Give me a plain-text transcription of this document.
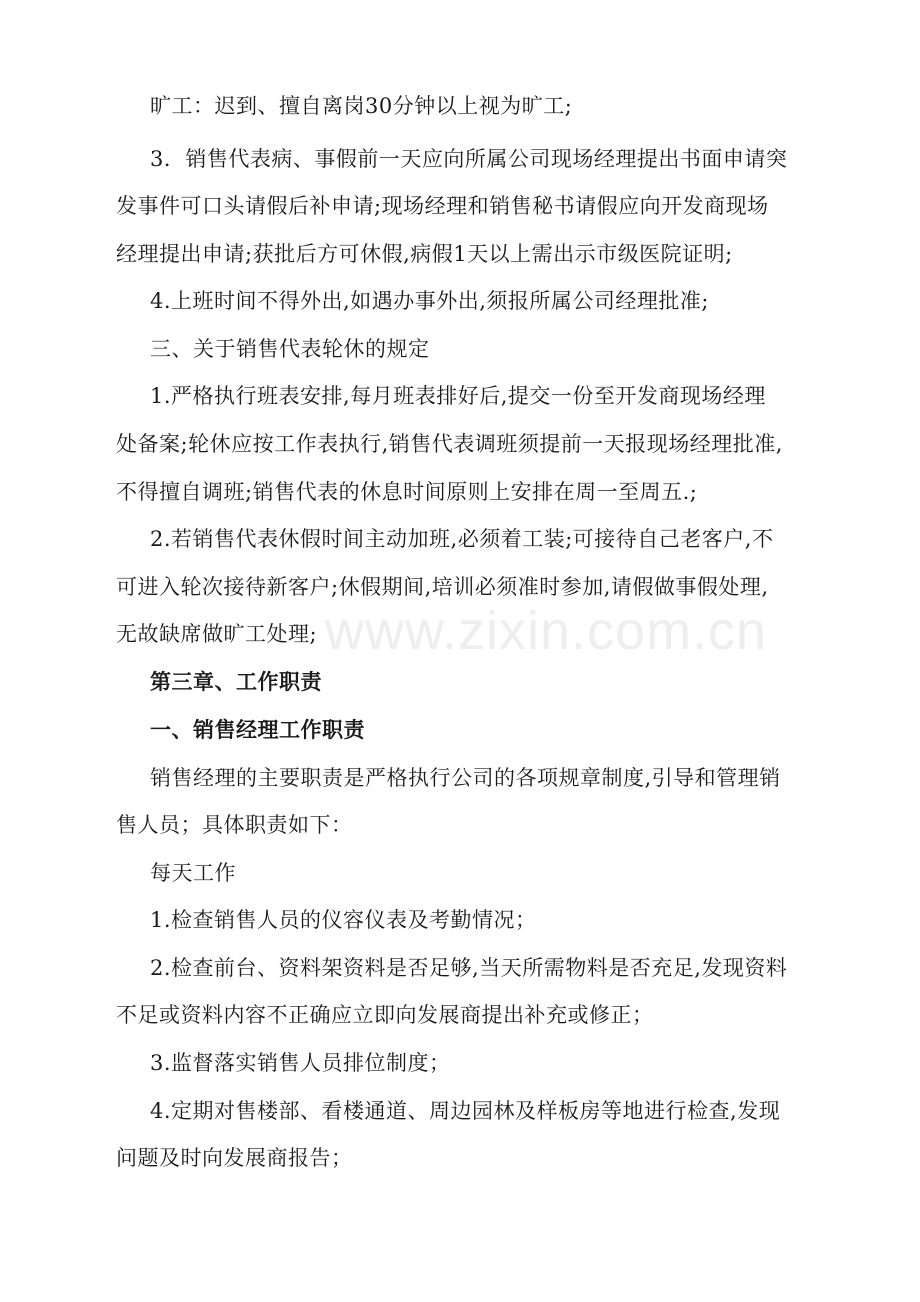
旷工：迟到、擅自离岗30分钟以上视为旷工;
3．销售代表病、事假前一天应向所属公司现场经理提出书面申请突
发事件可口头请假后补申请;现场经理和销售秘书请假应向开发商现场
经理提出申请;获批后方可休假,病假1天以上需出示市级医院证明;
4.上班时间不得外出,如遇办事外出,须报所属公司经理批准;
三、关于销售代表轮休的规定
1.严格执行班表安排,每月班表排好后,提交一份至开发商现场经理
处备案;轮休应按工作表执行,销售代表调班须提前一天报现场经理批准,
不得擅自调班;销售代表的休息时间原则上安排在周一至周五.;
2.若销售代表休假时间主动加班,必须着工装;可接待自己老客户,不
可进入轮次接待新客户;休假期间,培训必须准时参加,请假做事假处理,
无故缺席做旷工处理;
第三章、工作职责
一、销售经理工作职责
销售经理的主要职责是严格执行公司的各项规章制度,引导和管理销
售人员；具体职责如下：
每天工作
1.检查销售人员的仪容仪表及考勤情况；
2.检查前台、资料架资料是否足够,当天所需物料是否充足,发现资料
不足或资料内容不正确应立即向发展商提出补充或修正；
3.监督落实销售人员排位制度；
4.定期对售楼部、看楼通道、周边园林及样板房等地进行检查,发现
问题及时向发展商报告；
www.zixin.com.cn
